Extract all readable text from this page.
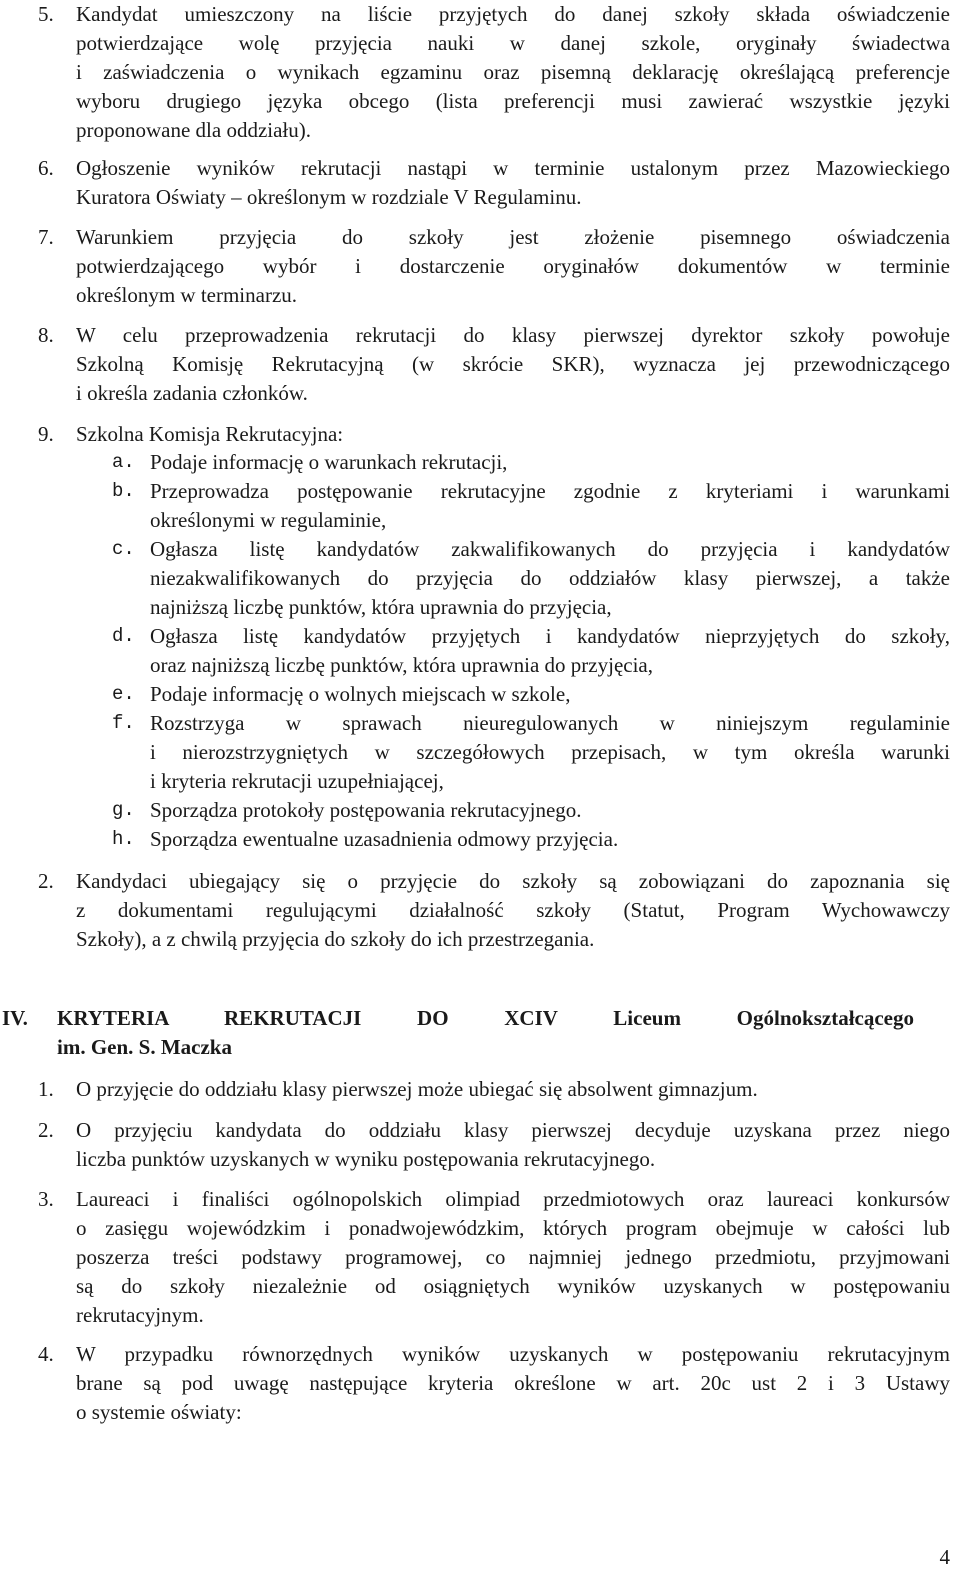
5. Kandydat umieszczony na liście przyjętych do danej szkoły składa oświadczenie
potwierdzające wolę przyjęcia nauki w danej szkole, oryginały świadectwa
i zaświadczenia o wynikach egzaminu oraz pisemną deklarację określającą preferencje
wyboru drugiego języka obcego (lista preferencji musi zawierać wszystkie języki
proponowane dla oddziału).
6. Ogłoszenie wyników rekrutacji nastąpi w terminie ustalonym przez Mazowieckiego
Kuratora Oświaty – określonym w rozdziale V Regulaminu.
7. Warunkiem przyjęcia do szkoły jest złożenie pisemnego oświadczenia
potwierdzającego wybór i dostarczenie oryginałów dokumentów w terminie
określonym w terminarzu.
8. W celu przeprowadzenia rekrutacji do klasy pierwszej dyrektor szkoły powołuje
Szkolną Komisję Rekrutacyjną (w skrócie SKR), wyznacza jej przewodniczącego
i określa zadania członków.
9. Szkolna Komisja Rekrutacyjna:
a. Podaje informację o warunkach rekrutacji,
b. Przeprowadza postępowanie rekrutacyjne zgodnie z kryteriami i warunkami
określonymi w regulaminie,
c. Ogłasza listę kandydatów zakwalifikowanych do przyjęcia i kandydatów
niezakwalifikowanych do przyjęcia do oddziałów klasy pierwszej, a także
najniższą liczbę punktów, która uprawnia do przyjęcia,
d. Ogłasza listę kandydatów przyjętych i kandydatów nieprzyjętych do szkoły,
oraz najniższą liczbę punktów, która uprawnia do przyjęcia,
e. Podaje informację o wolnych miejscach w szkole,
f. Rozstrzyga w sprawach nieuregulowanych w niniejszym regulaminie
i nierozstrzygniętych w szczegółowych przepisach, w tym określa warunki
i kryteria rekrutacji uzupełniającej,
g. Sporządza protokoły postępowania rekrutacyjnego.
h. Sporządza ewentualne uzasadnienia odmowy przyjęcia.
2. Kandydaci ubiegający się o przyjęcie do szkoły są zobowiązani do zapoznania się
z dokumentami regulującymi działalność szkoły (Statut, Program Wychowawczy
Szkoły), a z chwilą przyjęcia do szkoły do ich przestrzegania.
IV. KRYTERIA REKRUTACJI DO XCIV Liceum Ogólnokształcącego
im. Gen. S. Maczka
1. O przyjęcie do oddziału klasy pierwszej może ubiegać się absolwent gimnazjum.
2. O przyjęciu kandydata do oddziału klasy pierwszej decyduje uzyskana przez niego
liczba punktów uzyskanych w wyniku postępowania rekrutacyjnego.
3. Laureaci i finaliści ogólnopolskich olimpiad przedmiotowych oraz laureaci konkursów
o zasięgu wojewódzkim i ponadwojewódzkim, których program obejmuje w całości lub
poszerza treści podstawy programowej, co najmniej jednego przedmiotu, przyjmowani
są do szkoły niezależnie od osiągniętych wyników uzyskanych w postępowaniu
rekrutacyjnym.
4. W przypadku równorzędnych wyników uzyskanych w postępowaniu rekrutacyjnym
brane są pod uwagę następujące kryteria określone w art. 20c ust 2 i 3 Ustawy
o systemie oświaty:
4
